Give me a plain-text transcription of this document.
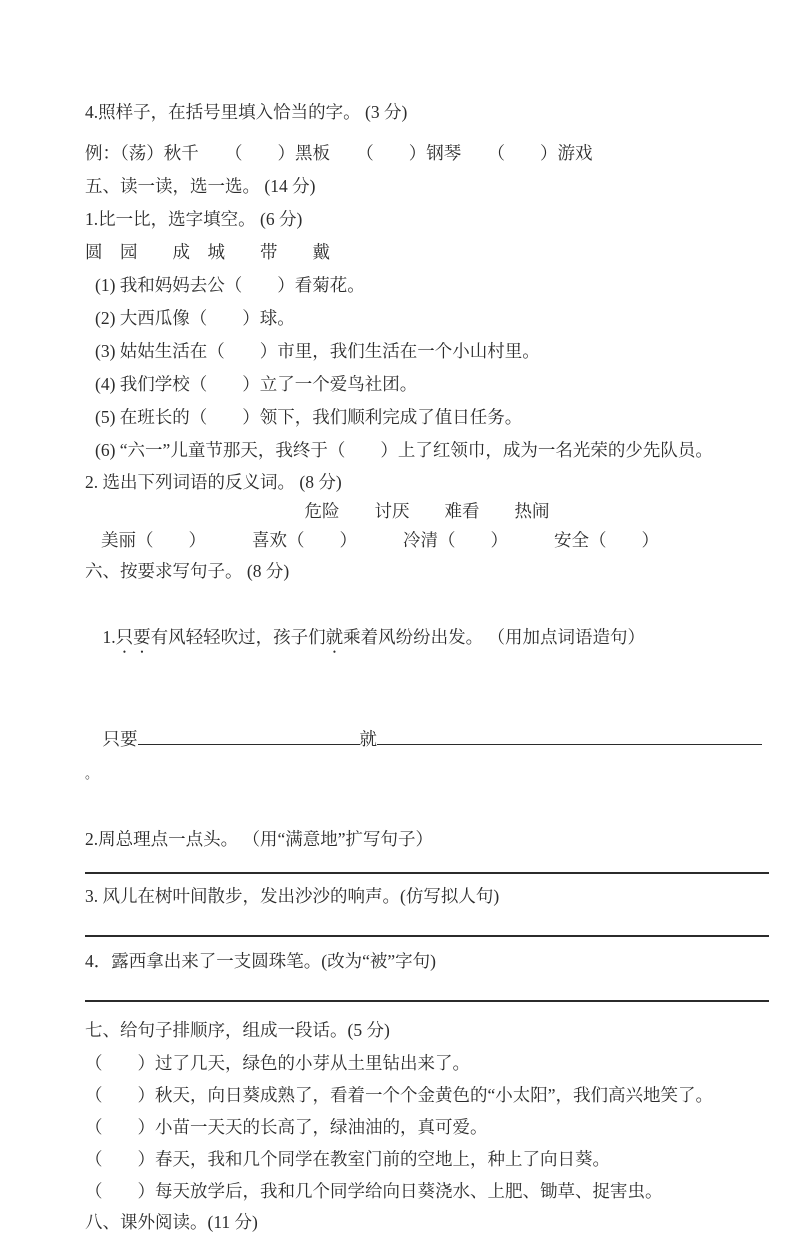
4.照样子，在括号里填入恰当的字。 (3 分)
例：（荡）秋千　　（　　）黑板　　（　　）钢琴　　（　　）游戏
五、读一读，选一选。 (14 分)
1.比一比，选字填空。 (6 分)
圆　园　　成　城　　带　　戴
(1) 我和妈妈去公（　　）看菊花。
(2) 大西瓜像（　　）球。
(3) 姑姑生活在（　　）市里，我们生活在一个小山村里。
(4) 我们学校（　　）立了一个爱鸟社团。
(5) 在班长的（　　）领下，我们顺利完成了值日任务。
(6) “六一”儿童节那天，我终于（　　）上了红领巾，成为一名光荣的少先队员。
2. 选出下列词语的反义词。 (8 分)
危险　　讨厌　　难看　　热闹
美丽（　　）	喜欢（　　）	冷清（　　）	安全（　　）
六、按要求写句子。 (8 分)

1.只要有风轻轻吹过，孩子们就乘着风纷纷出发。 （用加点词语造句）

只要	就。

2.周总理点一点头。 （用“满意地”扩写句子）
3. 风儿在树叶间散步，发出沙沙的响声。(仿写拟人句)
4．露西拿出来了一支圆珠笔。(改为“被”字句)
七、给句子排顺序，组成一段话。(5 分)
（　　）过了几天，绿色的小芽从土里钻出来了。
（　　）秋天，向日葵成熟了，看着一个个金黄色的“小太阳”，我们高兴地笑了。
（　　）小苗一天天的长高了，绿油油的，真可爱。
（　　）春天，我和几个同学在教室门前的空地上，种上了向日葵。
（　　）每天放学后，我和几个同学给向日葵浇水、上肥、锄草、捉害虫。
八、课外阅读。(11 分)
